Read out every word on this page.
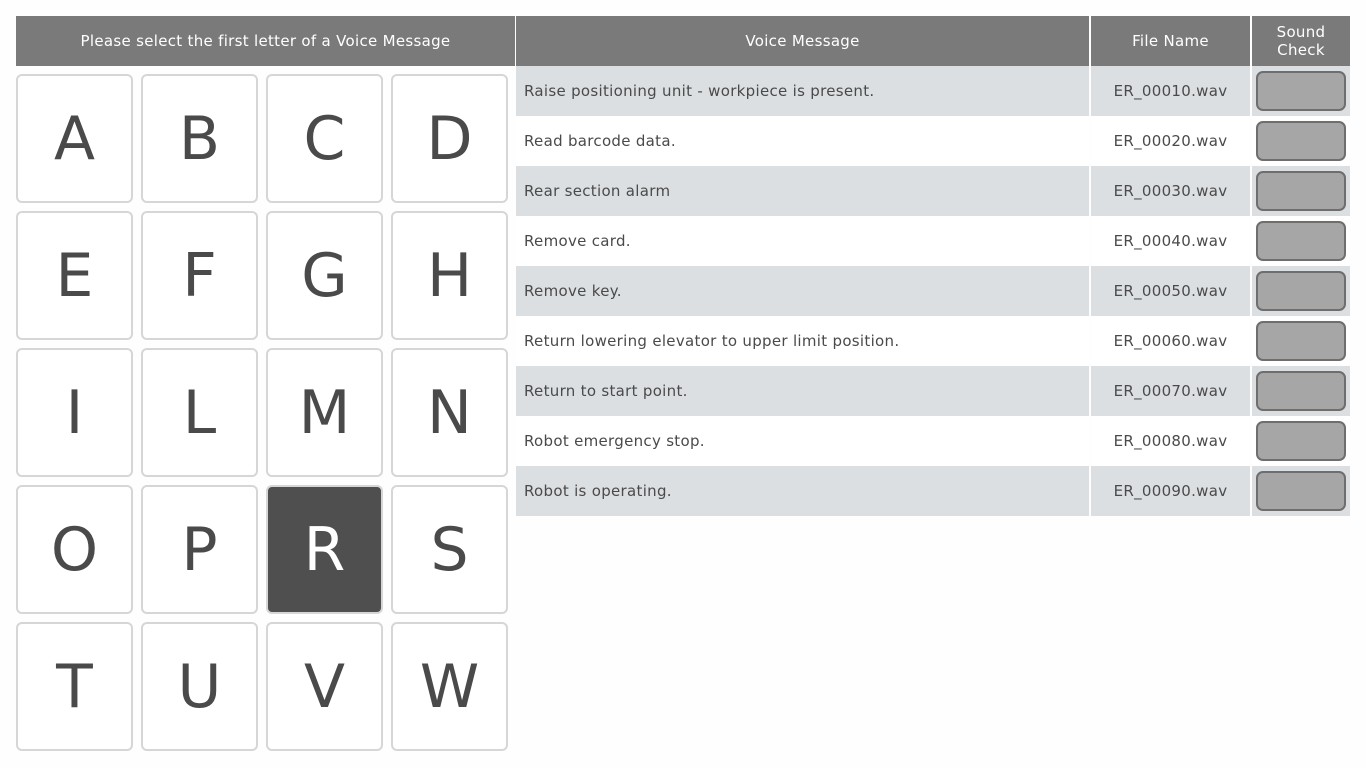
Please select the first letter of a Voice Message
A	B	C	D
E	F	G	H
I	L	M	N
O	P	R	S
T	U	V	W
Voice Message	File Name	Sound Check
Raise positioning unit - workpiece is present.	ER_00010.wav
Read barcode data.	ER_00020.wav
Rear section alarm	ER_00030.wav
Remove card.	ER_00040.wav
Remove key.	ER_00050.wav
Return lowering elevator to upper limit position.	ER_00060.wav
Return to start point.	ER_00070.wav
Robot emergency stop.	ER_00080.wav
Robot is operating.	ER_00090.wav
